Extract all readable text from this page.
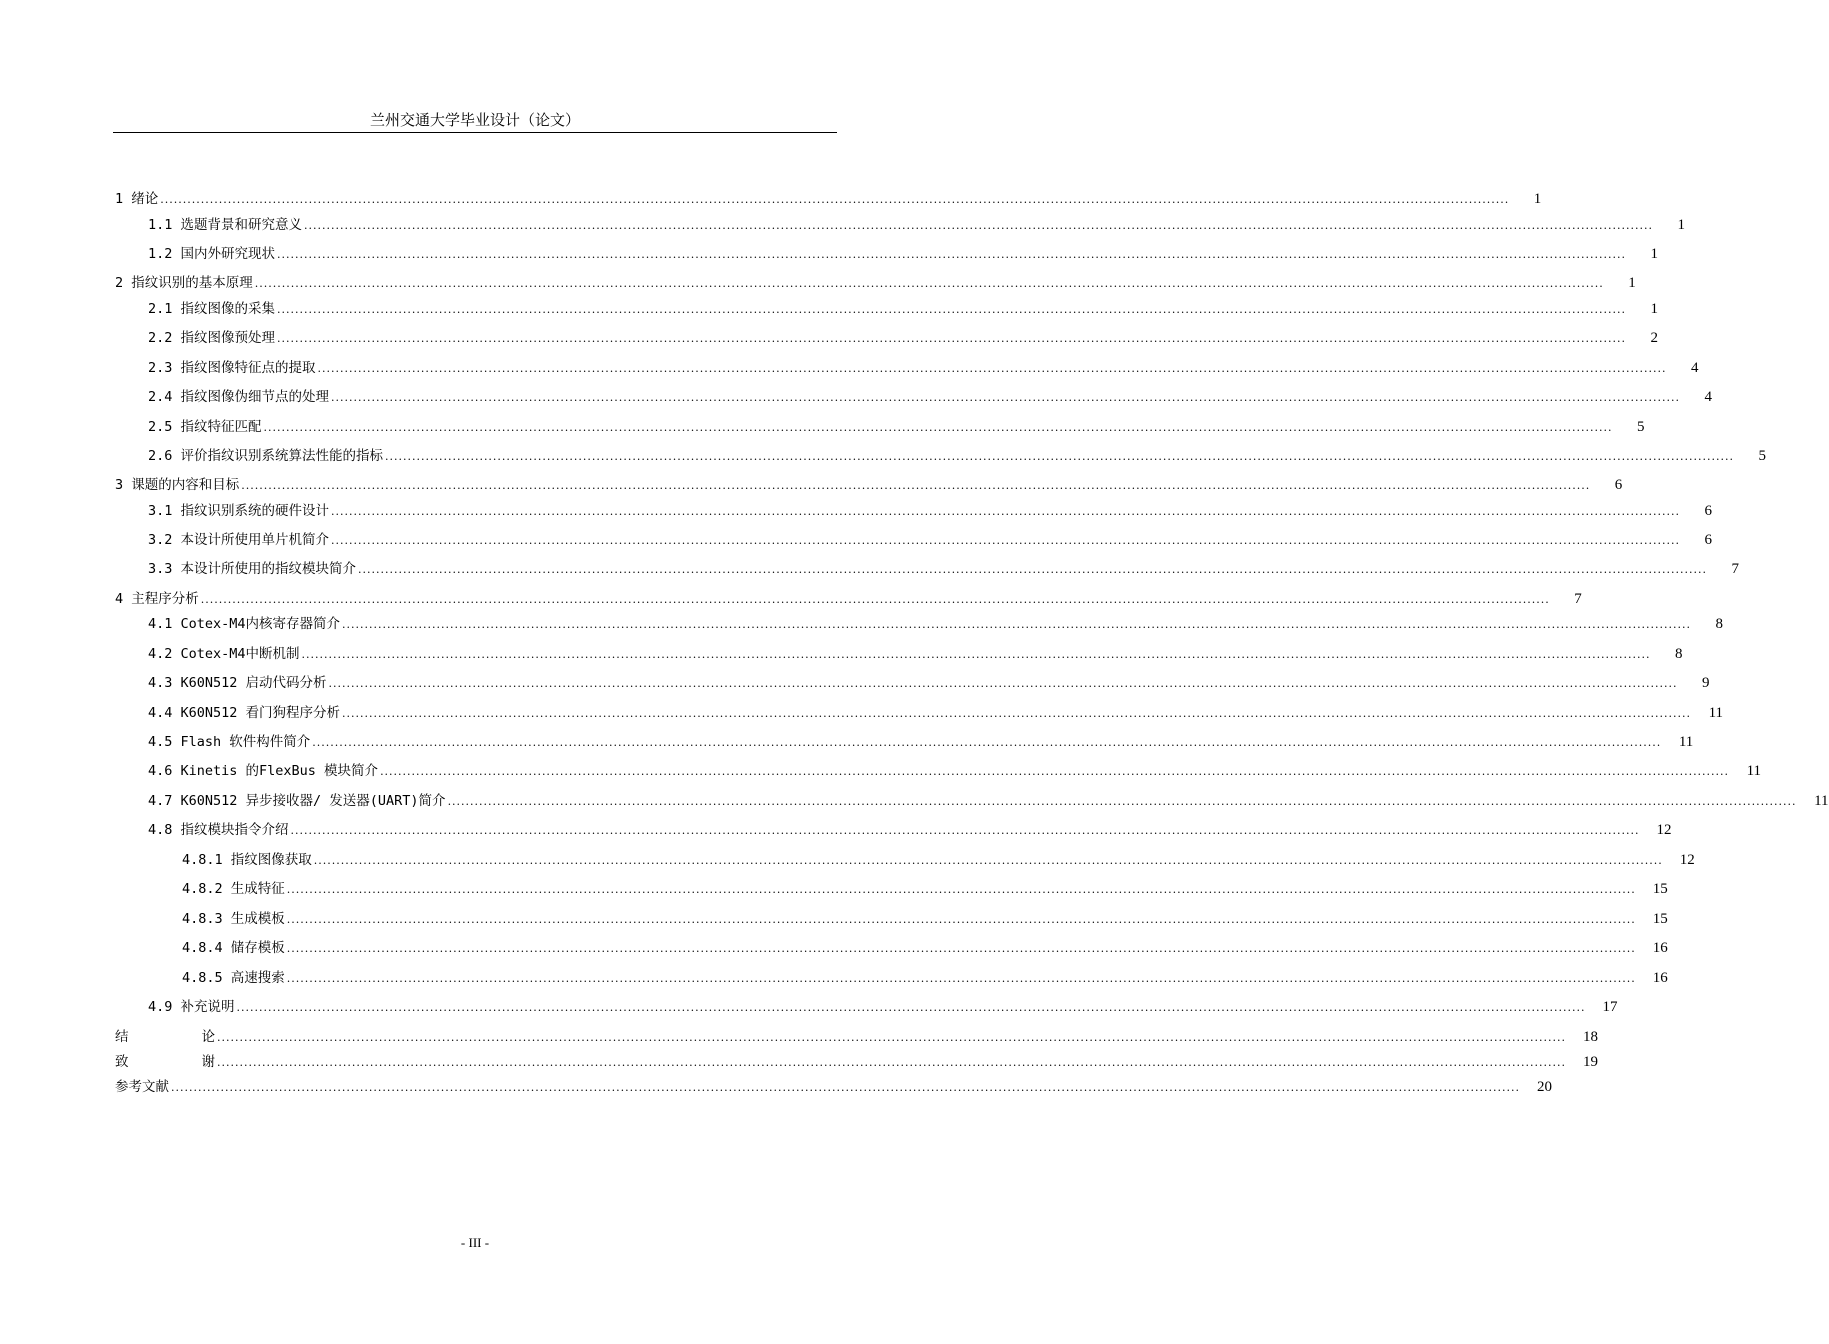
兰州交通大学毕业设计（论文）
1 绪论 ............................................................................................................................................................................................................................................................................................................	1
1.1 选题背景和研究意义 ............................................................................................................................................................................................................................................................................................................	1
1.2 国内外研究现状 ............................................................................................................................................................................................................................................................................................................	1
2 指纹识别的基本原理 ............................................................................................................................................................................................................................................................................................................	1
2.1 指纹图像的采集 ............................................................................................................................................................................................................................................................................................................	1
2.2 指纹图像预处理 ............................................................................................................................................................................................................................................................................................................	2
2.3 指纹图像特征点的提取 ............................................................................................................................................................................................................................................................................................................	4
2.4 指纹图像伪细节点的处理 ............................................................................................................................................................................................................................................................................................................	4
2.5 指纹特征匹配 ............................................................................................................................................................................................................................................................................................................	5
2.6 评价指纹识别系统算法性能的指标 ............................................................................................................................................................................................................................................................................................................	5
3 课题的内容和目标 ............................................................................................................................................................................................................................................................................................................	6
3.1 指纹识别系统的硬件设计 ............................................................................................................................................................................................................................................................................................................	6
3.2 本设计所使用单片机简介 ............................................................................................................................................................................................................................................................................................................	6
3.3 本设计所使用的指纹模块简介 ............................................................................................................................................................................................................................................................................................................	7
4 主程序分析 ............................................................................................................................................................................................................................................................................................................	7
4.1 Cotex-M4内核寄存器简介 ............................................................................................................................................................................................................................................................................................................	8
4.2 Cotex-M4中断机制 ............................................................................................................................................................................................................................................................................................................	8
4.3 K60N512 启动代码分析 ............................................................................................................................................................................................................................................................................................................	9
4.4 K60N512 看门狗程序分析 ............................................................................................................................................................................................................................................................................................................	11
4.5 Flash 软件构件简介 ............................................................................................................................................................................................................................................................................................................	11
4.6 Kinetis 的FlexBus 模块简介 ............................................................................................................................................................................................................................................................................................................	11
4.7 K60N512 异步接收器/ 发送器(UART)简介 ............................................................................................................................................................................................................................................................................................................	11
4.8 指纹模块指令介绍 ............................................................................................................................................................................................................................................................................................................	12
4.8.1 指纹图像获取 ............................................................................................................................................................................................................................................................................................................	12
4.8.2 生成特征 ............................................................................................................................................................................................................................................................................................................	15
4.8.3 生成模板 ............................................................................................................................................................................................................................................................................................................	15
4.8.4 储存模板 ............................................................................................................................................................................................................................................................................................................	16
4.8.5 高速搜索 ............................................................................................................................................................................................................................................................................................................	16
4.9 补充说明 ............................................................................................................................................................................................................................................................................................................	17
结　　　　论 ............................................................................................................................................................................................................................................................................................................	18
致　　　　谢 ............................................................................................................................................................................................................................................................................................................	19
参考文献 ............................................................................................................................................................................................................................................................................................................	20
- III -
